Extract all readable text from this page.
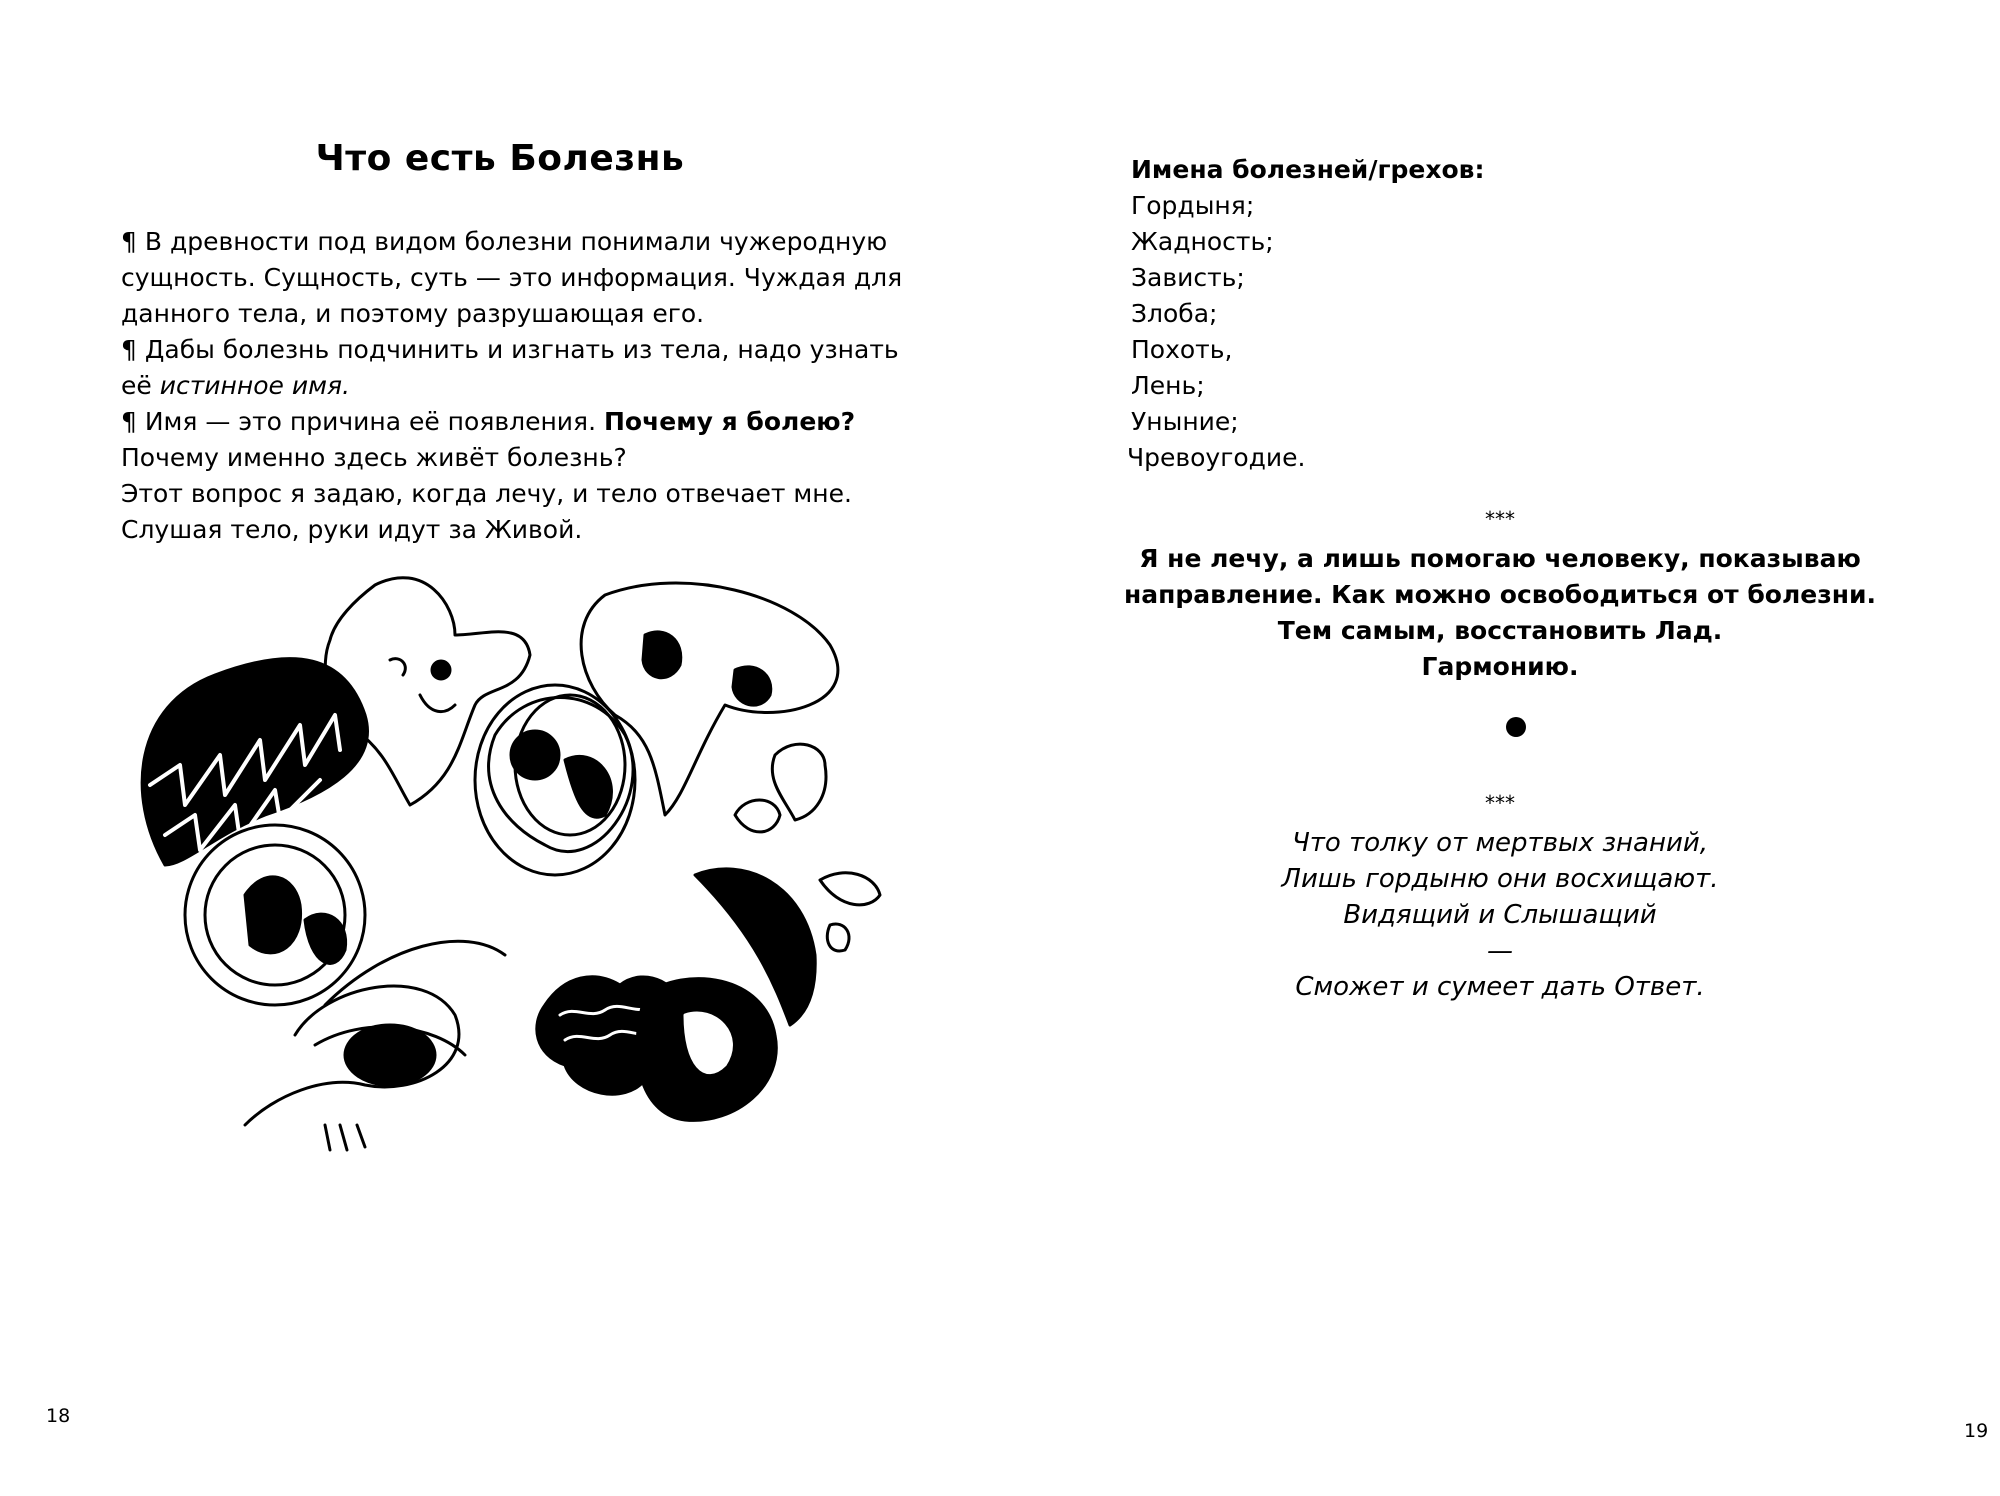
Что есть Болезнь

¶ В древности под видом болезни понимали чужеродную сущность. Сущность, суть — это информация. Чуждая для данного тела, и поэтому разрушающая его.

¶ Дабы болезнь подчинить и изгнать из тела, надо узнать её истинное имя.

¶ Имя — это причина её появления. Почему я болею?

Почему именно здесь живёт болезнь?

Этот вопрос я задаю, когда лечу, и тело отвечает мне.

Слушая тело, руки идут за Живой.

18
Имена болезней/грехов:
Гордыня;
Жадность;
Зависть;
Злоба;
Похоть,
Лень;
Уныние;
Чревоугодие.
***
Я не лечу, а лишь помогаю человеку, показываю
направление. Как можно освободиться от болезни.
Тем самым, восстановить Лад.
Гармонию.
***
Что толку от мертвых знаний,
Лишь гордыню они восхищают.
Видящий и Слышащий
—
Сможет и сумеет дать Ответ.
19
